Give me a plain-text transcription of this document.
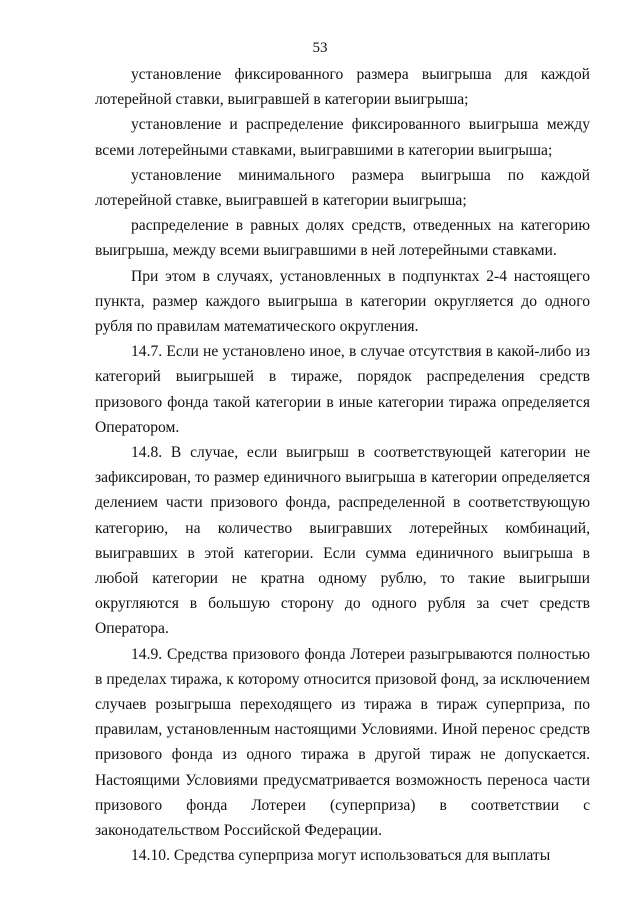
53

установление фиксированного размера выигрыша для каждой лотерейной ставки, выигравшей в категории выигрыша;

установление и распределение фиксированного выигрыша между всеми лотерейными ставками, выигравшими в категории выигрыша;

установление минимального размера выигрыша по каждой лотерейной ставке, выигравшей в категории выигрыша;

распределение в равных долях средств, отведенных на категорию выигрыша, между всеми выигравшими в ней лотерейными ставками.

При этом в случаях, установленных в подпунктах 2-4 настоящего пункта, размер каждого выигрыша в категории округляется до одного рубля по правилам математического округления.

14.7. Если не установлено иное, в случае отсутствия в какой-либо из категорий выигрышей в тираже, порядок распределения средств призового фонда такой категории в иные категории тиража определяется Оператором.

14.8. В случае, если выигрыш в соответствующей категории не зафиксирован, то размер единичного выигрыша в категории определяется делением части призового фонда, распределенной в соответствующую категорию, на количество выигравших лотерейных комбинаций, выигравших в этой категории. Если сумма единичного выигрыша в любой категории не кратна одному рублю, то такие выигрыши округляются в большую сторону до одного рубля за счет средств Оператора.

14.9. Средства призового фонда Лотереи разыгрываются полностью в пределах тиража, к которому относится призовой фонд, за исключением случаев розыгрыша переходящего из тиража в тираж суперприза, по правилам, установленным настоящими Условиями. Иной перенос средств призового фонда из одного тиража в другой тираж не допускается. Настоящими Условиями предусматривается возможность переноса части призового фонда Лотереи (суперприза) в соответствии с законодательством Российской Федерации.

14.10. Средства суперприза могут использоваться для выплаты
